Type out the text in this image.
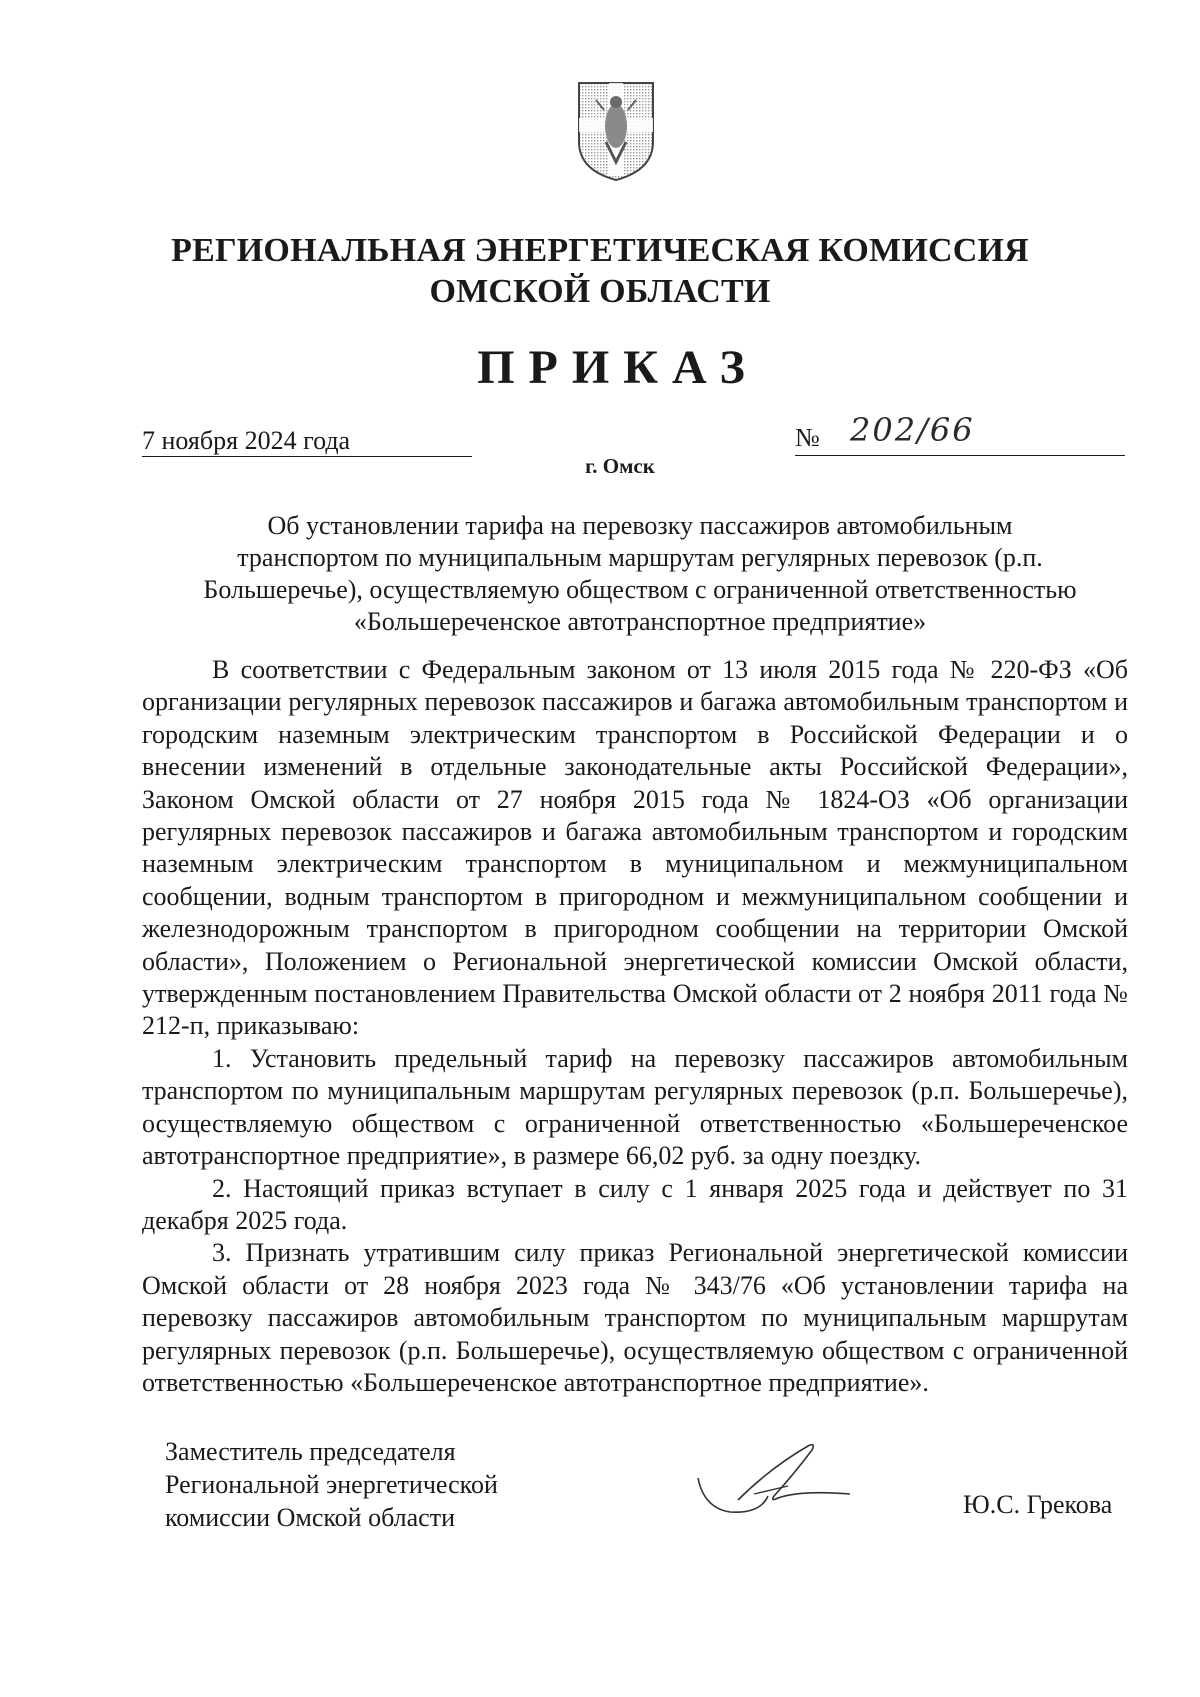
РЕГИОНАЛЬНАЯ ЭНЕРГЕТИЧЕСКАЯ КОМИССИЯ
ОМСКОЙ ОБЛАСТИ
ПРИКАЗ
7 ноября 2024 года	№ 202/66
г. Омск
Об установлении тарифа на перевозку пассажиров автомобильным транспортом по муниципальным маршрутам регулярных перевозок (р.п. Большеречье), осуществляемую обществом с ограниченной ответственностью «Большереченское автотранспортное предприятие»

В соответствии с Федеральным законом от 13 июля 2015 года № 220-ФЗ «Об организации регулярных перевозок пассажиров и багажа автомобильным транспортом и городским наземным электрическим транспортом в Российской Федерации и о внесении изменений в отдельные законодательные акты Российской Федерации», Законом Омской области от 27 ноября 2015 года № 1824-ОЗ «Об организации регулярных перевозок пассажиров и багажа автомобильным транспортом и городским наземным электрическим транспортом в муниципальном и межмуниципальном сообщении, водным транспортом в пригородном и межмуниципальном сообщении и железнодорожным транспортом в пригородном сообщении на территории Омской области», Положением о Региональной энергетической комиссии Омской области, утвержденным постановлением Правительства Омской области от 2 ноября 2011 года № 212-п, приказываю:

1. Установить предельный тариф на перевозку пассажиров автомобильным транспортом по муниципальным маршрутам регулярных перевозок (р.п. Большеречье), осуществляемую обществом с ограниченной ответственностью «Большереченское автотранспортное предприятие», в размере 66,02 руб. за одну поездку.

2. Настоящий приказ вступает в силу с 1 января 2025 года и действует по 31 декабря 2025 года.

3. Признать утратившим силу приказ Региональной энергетической комиссии Омской области от 28 ноября 2023 года № 343/76 «Об установлении тарифа на перевозку пассажиров автомобильным транспортом по муниципальным маршрутам регулярных перевозок (р.п. Большеречье), осуществляемую обществом с ограниченной ответственностью «Большереченское автотранспортное предприятие».

Заместитель председателя
Региональной энергетической
комиссии Омской области	Ю.С. Грекова
